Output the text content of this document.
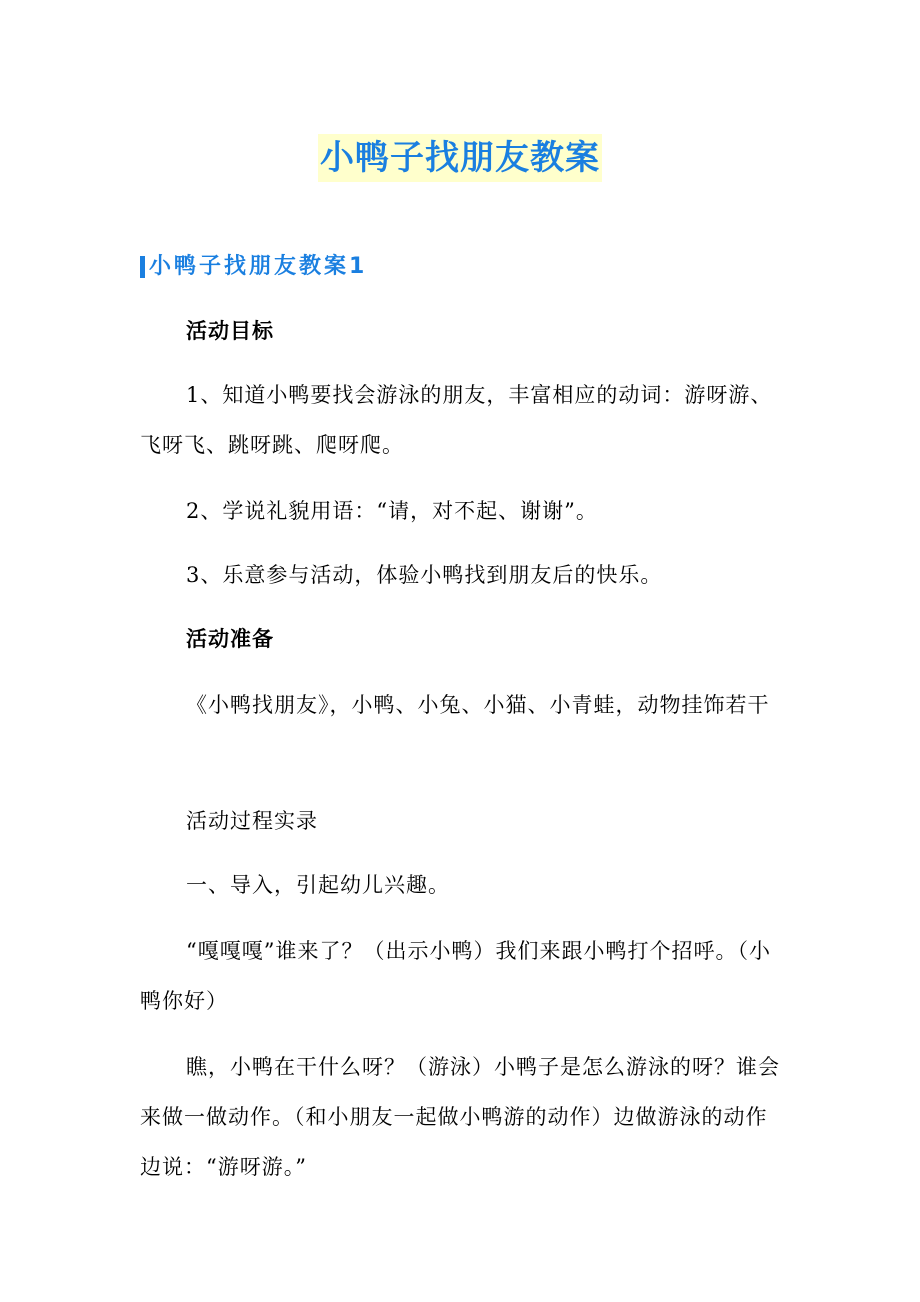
小鸭子找朋友教案
小鸭子找朋友教案1

活动目标

1、知道小鸭要找会游泳的朋友，丰富相应的动词：游呀游、飞呀飞、跳呀跳、爬呀爬。

2、学说礼貌用语：“请，对不起、谢谢”。

3、乐意参与活动，体验小鸭找到朋友后的快乐。

活动准备

《小鸭找朋友》，小鸭、小兔、小猫、小青蛙，动物挂饰若干

活动过程实录

一、导入，引起幼儿兴趣。

“嘎嘎嘎”谁来了？（出示小鸭）我们来跟小鸭打个招呼。（小鸭你好）

瞧，小鸭在干什么呀？（游泳）小鸭子是怎么游泳的呀？谁会来做一做动作。（和小朋友一起做小鸭游的动作）边做游泳的动作边说：“游呀游。”
